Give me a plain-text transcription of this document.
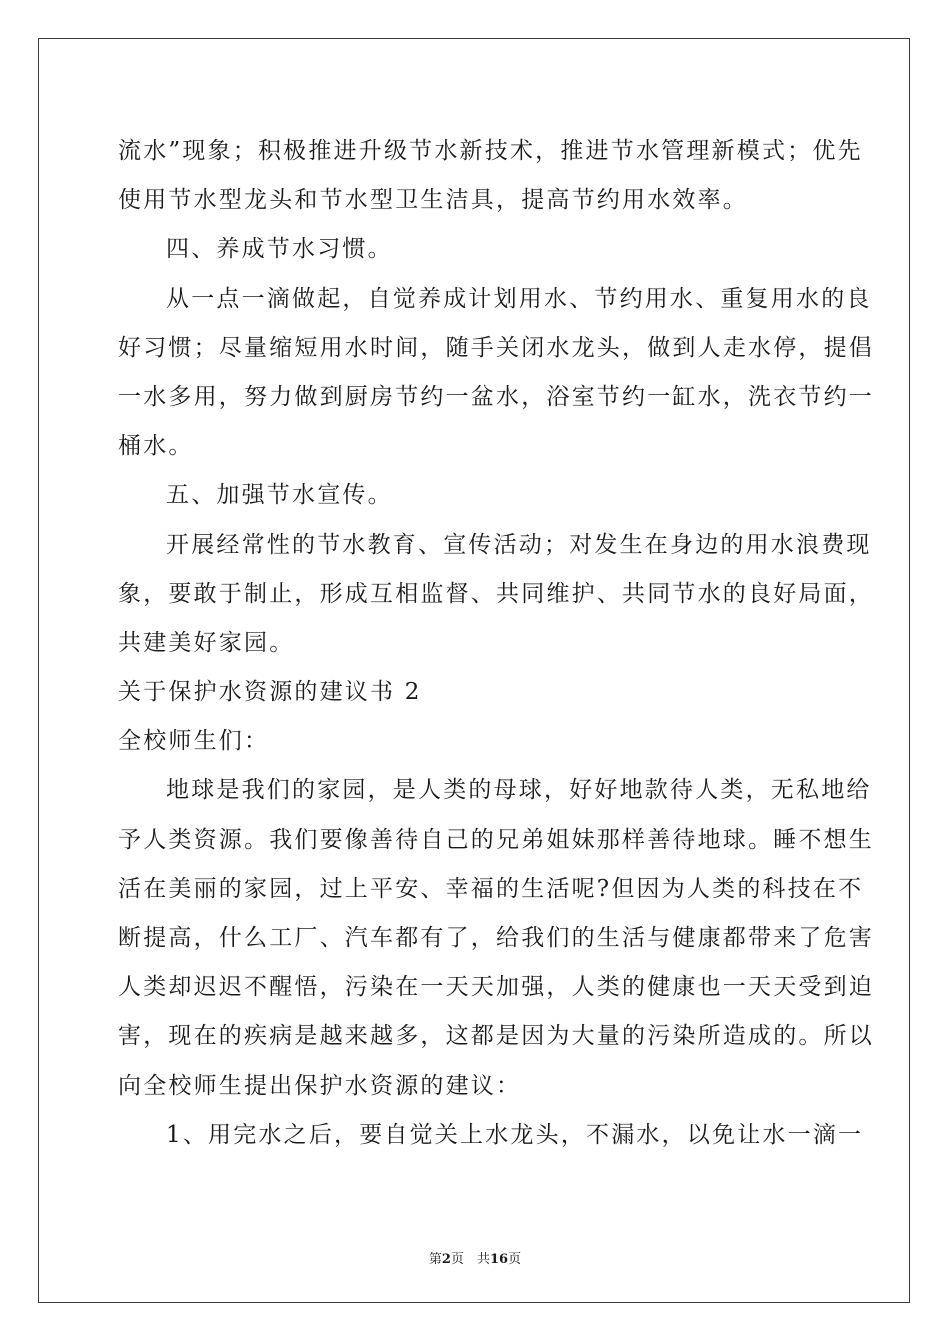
流水”现象；积极推进升级节水新技术，推进节水管理新模式；优先
使用节水型龙头和节水型卫生洁具，提高节约用水效率。
四、养成节水习惯。
从一点一滴做起，自觉养成计划用水、节约用水、重复用水的良
好习惯；尽量缩短用水时间，随手关闭水龙头，做到人走水停，提倡
一水多用，努力做到厨房节约一盆水，浴室节约一缸水，洗衣节约一
桶水。
五、加强节水宣传。
开展经常性的节水教育、宣传活动；对发生在身边的用水浪费现
象，要敢于制止，形成互相监督、共同维护、共同节水的良好局面，
共建美好家园。
关于保护水资源的建议书 2
全校师生们：
地球是我们的家园，是人类的母球，好好地款待人类，无私地给
予人类资源。我们要像善待自己的兄弟姐妹那样善待地球。睡不想生
活在美丽的家园，过上平安、幸福的生活呢?但因为人类的科技在不
断提高，什么工厂、汽车都有了，给我们的生活与健康都带来了危害
人类却迟迟不醒悟，污染在一天天加强，人类的健康也一天天受到迫
害，现在的疾病是越来越多，这都是因为大量的污染所造成的。所以
向全校师生提出保护水资源的建议：
1、用完水之后，要自觉关上水龙头，不漏水，以免让水一滴一
第2页　共16页
